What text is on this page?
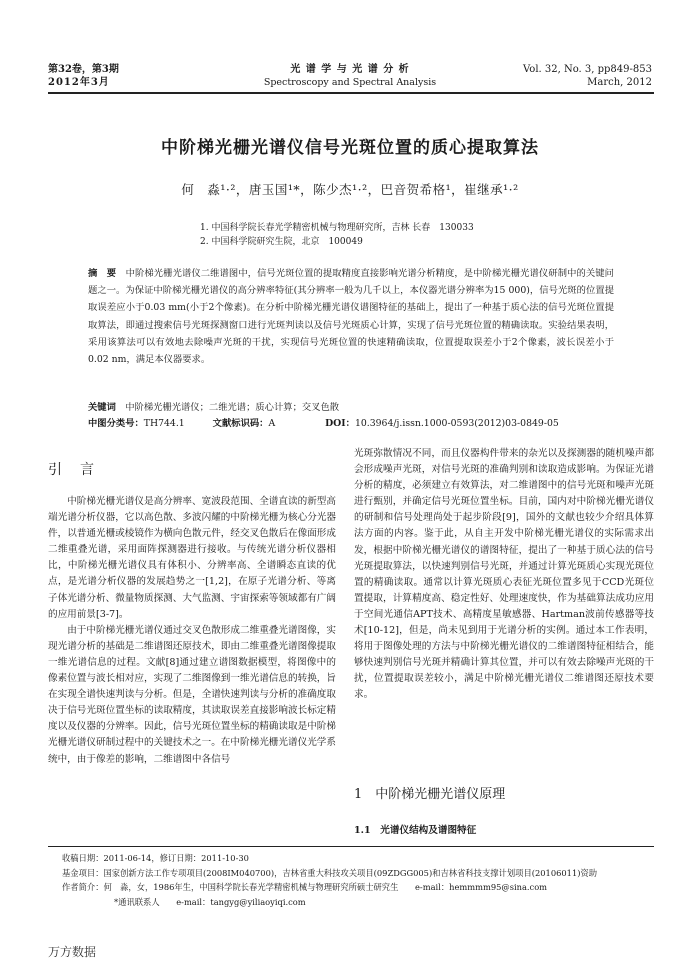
第32卷，第3期
2012年3月
光 谱 学 与 光 谱 分 析
Spectroscopy and Spectral Analysis
Vol. 32, No. 3, pp849-853
March, 2012
中阶梯光栅光谱仪信号光斑位置的质心提取算法
何　淼¹·²，唐玉国¹*，陈少杰¹·²，巴音贺希格¹，崔继承¹·²
1. 中国科学院长春光学精密机械与物理研究所，吉林 长春　130033
2. 中国科学院研究生院，北京　100049
摘　要　 中阶梯光栅光谱仪二维谱图中，信号光斑位置的提取精度直接影响光谱分析精度，是中阶梯光栅光谱仪研制中的关键问题之一。为保证中阶梯光栅光谱仪的高分辨率特征(其分辨率一般为几千以上，本仪器光谱分辨率为15 000)，信号光斑的位置提取误差应小于0.03 mm(小于2个像素)。在分析中阶梯光栅光谱仪谱图特征的基础上，提出了一种基于质心法的信号光斑位置提取算法，即通过搜索信号光斑探测窗口进行光斑判读以及信号光斑质心计算，实现了信号光斑位置的精确读取。实验结果表明，采用该算法可以有效地去除噪声光斑的干扰，实现信号光斑位置的快速精确读取，位置提取误差小于2个像素，波长误差小于0.02 nm，满足本仪器要求。
关键词　 中阶梯光栅光谱仪；二维光谱；质心计算；交叉色散
中图分类号：TH744.1	文献标识码：A	DOI：10.3964/j.issn.1000-0593(2012)03-0849-05
引　言

中阶梯光栅光谱仪是高分辨率、宽波段范围、全谱直读的新型高端光谱分析仪器，它以高色散、多波闪耀的中阶梯光栅为核心分光器件，以普通光栅或棱镜作为横向色散元件，经交叉色散后在像面形成二维重叠光谱，采用面阵探测器进行接收。与传统光谱分析仪器相比，中阶梯光栅光谱仪具有体积小、分辨率高、全谱瞬态直读的优点，是光谱分析仪器的发展趋势之一[1,2]，在原子光谱分析、等离子体光谱分析、微量物质探测、大气监测、宇宙探索等领域都有广阔的应用前景[3-7]。

由于中阶梯光栅光谱仪通过交叉色散形成二维重叠光谱图像，实现光谱分析的基础是二维谱图还原技术，即由二维重叠光谱图像提取一维光谱信息的过程。文献[8]通过建立谱图数据模型，将图像中的像素位置与波长相对应，实现了二维图像到一维光谱信息的转换，旨在实现全谱快速判读与分析。但是，全谱快速判读与分析的准确度取决于信号光斑位置坐标的读取精度，其读取误差直接影响波长标定精度以及仪器的分辨率。因此，信号光斑位置坐标的精确读取是中阶梯光栅光谱仪研制过程中的关键技术之一。在中阶梯光栅光谱仪光学系统中，由于像差的影响，二维谱图中各信号

光斑弥散情况不同，而且仪器构件带来的杂光以及探测器的随机噪声都会形成噪声光斑，对信号光斑的准确判别和读取造成影响。为保证光谱分析的精度，必须建立有效算法，对二维谱图中的信号光斑和噪声光斑进行甄别，并确定信号光斑位置坐标。目前，国内对中阶梯光栅光谱仪的研制和信号处理尚处于起步阶段[9]，国外的文献也较少介绍具体算法方面的内容。鉴于此，从自主开发中阶梯光栅光谱仪的实际需求出发，根据中阶梯光栅光谱仪的谱图特征，提出了一种基于质心法的信号光斑提取算法，以快速判别信号光斑，并通过计算光斑质心实现光斑位置的精确读取。通常以计算光斑质心表征光斑位置多见于CCD光斑位置提取，计算精度高、稳定性好、处理速度快，作为基础算法成功应用于空间光通信APT技术、高精度星敏感器、Hartman波前传感器等技术[10-12]，但是，尚未见到用于光谱分析的实例。通过本工作表明，将用于图像处理的方法与中阶梯光栅光谱仪的二维谱图特征相结合，能够快速判别信号光斑并精确计算其位置，并可以有效去除噪声光斑的干扰，位置提取误差较小，满足中阶梯光栅光谱仪二维谱图还原技术要求。

1　中阶梯光栅光谱仪原理
1.1　光谱仪结构及谱图特征
收稿日期：2011-06-14，修订日期：2011-10-30
基金项目：国家创新方法工作专项项目(2008IM040700)，吉林省重大科技攻关项目(09ZDGG005)和吉林省科技支撑计划项目(20106011)资助
作者简介：何　淼，女，1986年生，中国科学院长春光学精密机械与物理研究所硕士研究生　　e-mail：hemmmm95@sina.com
*通讯联系人　　e-mail：tangyg@yiliaoyiqi.com
万方数据
